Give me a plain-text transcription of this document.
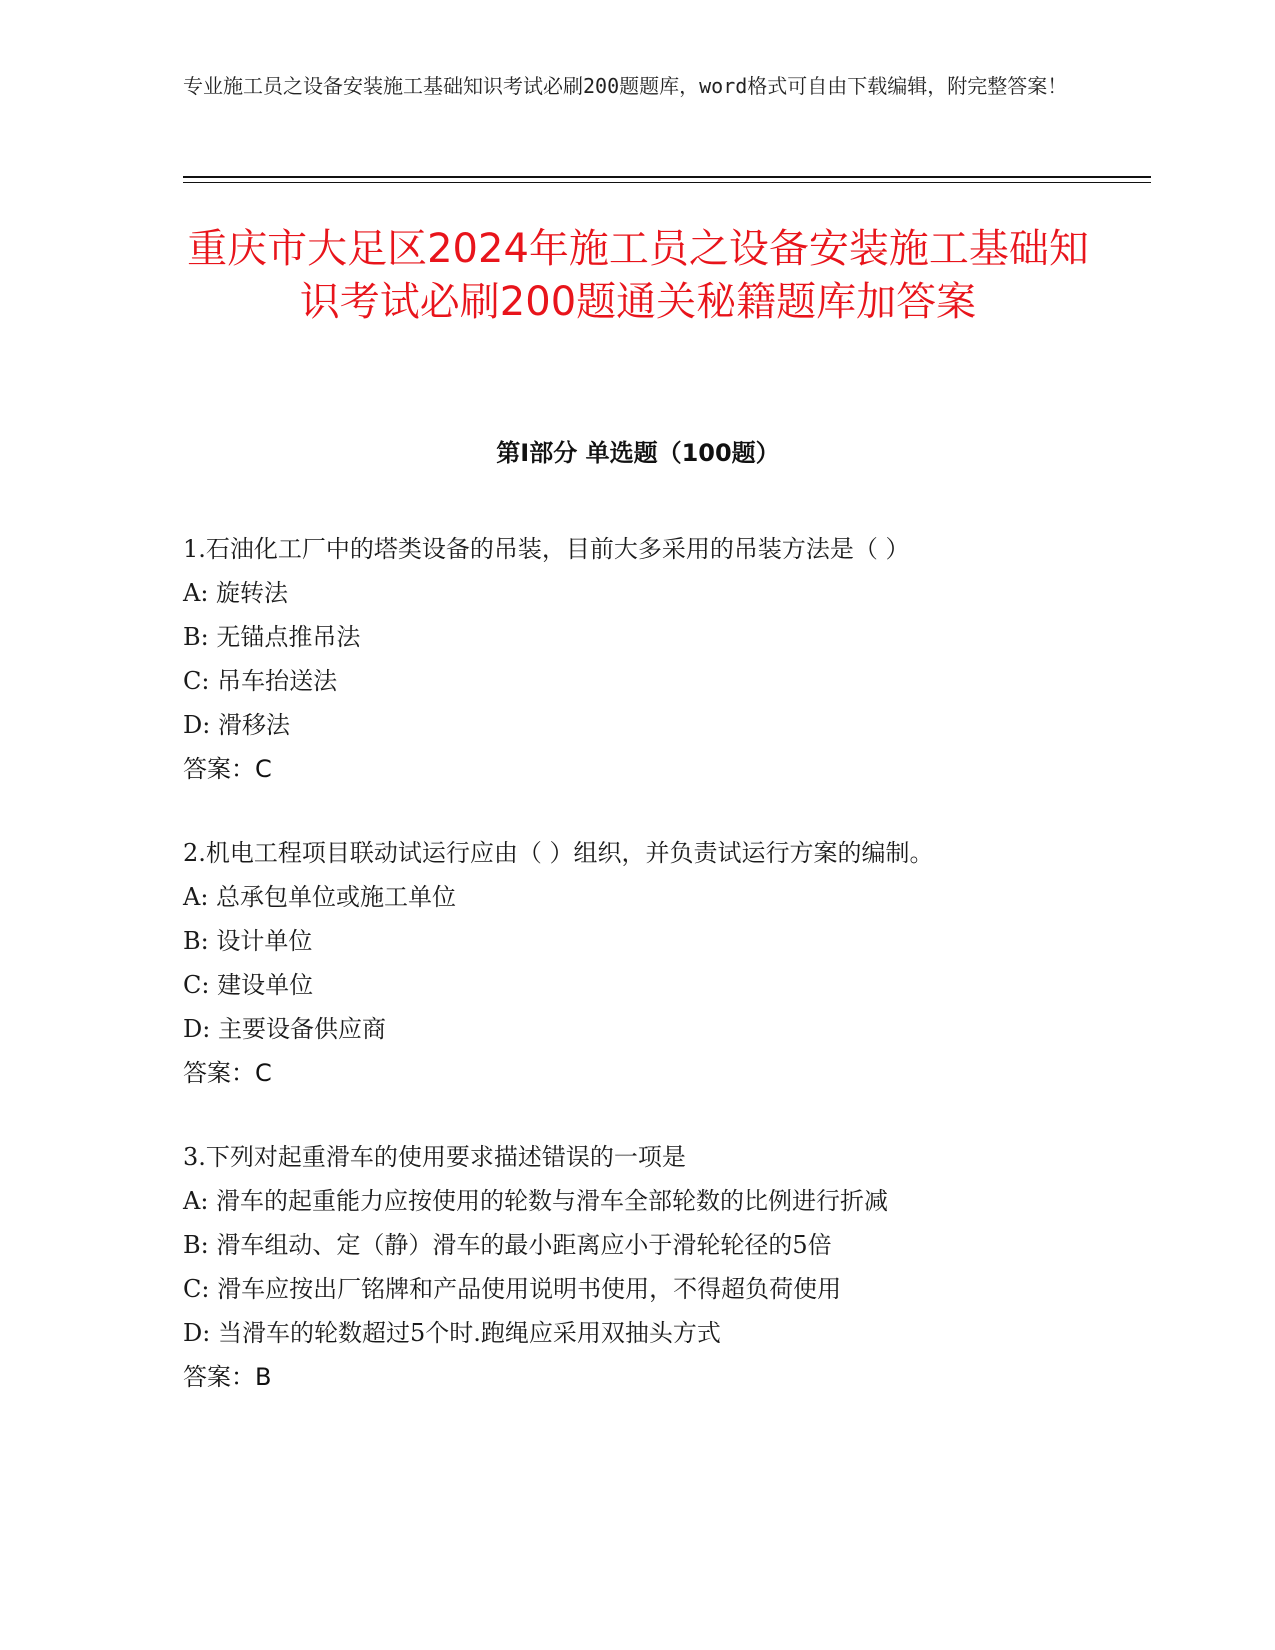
专业施工员之设备安装施工基础知识考试必刷200题题库，word格式可自由下载编辑，附完整答案！
重庆市大足区2024年施工员之设备安装施工基础知识考试必刷200题通关秘籍题库加答案
第Ⅰ部分 单选题（100题）
1.石油化工厂中的塔类设备的吊装，目前大多采用的吊装方法是（ ）
A: 旋转法
B: 无锚点推吊法
C: 吊车抬送法
D: 滑移法
答案：C
2.机电工程项目联动试运行应由（ ）组织，并负责试运行方案的编制。
A: 总承包单位或施工单位
B: 设计单位
C: 建设单位
D: 主要设备供应商
答案：C
3.下列对起重滑车的使用要求描述错误的一项是
A: 滑车的起重能力应按使用的轮数与滑车全部轮数的比例进行折减
B: 滑车组动、定（静）滑车的最小距离应小于滑轮轮径的5倍
C: 滑车应按出厂铭牌和产品使用说明书使用，不得超负荷使用
D: 当滑车的轮数超过5个时.跑绳应采用双抽头方式
答案：B
